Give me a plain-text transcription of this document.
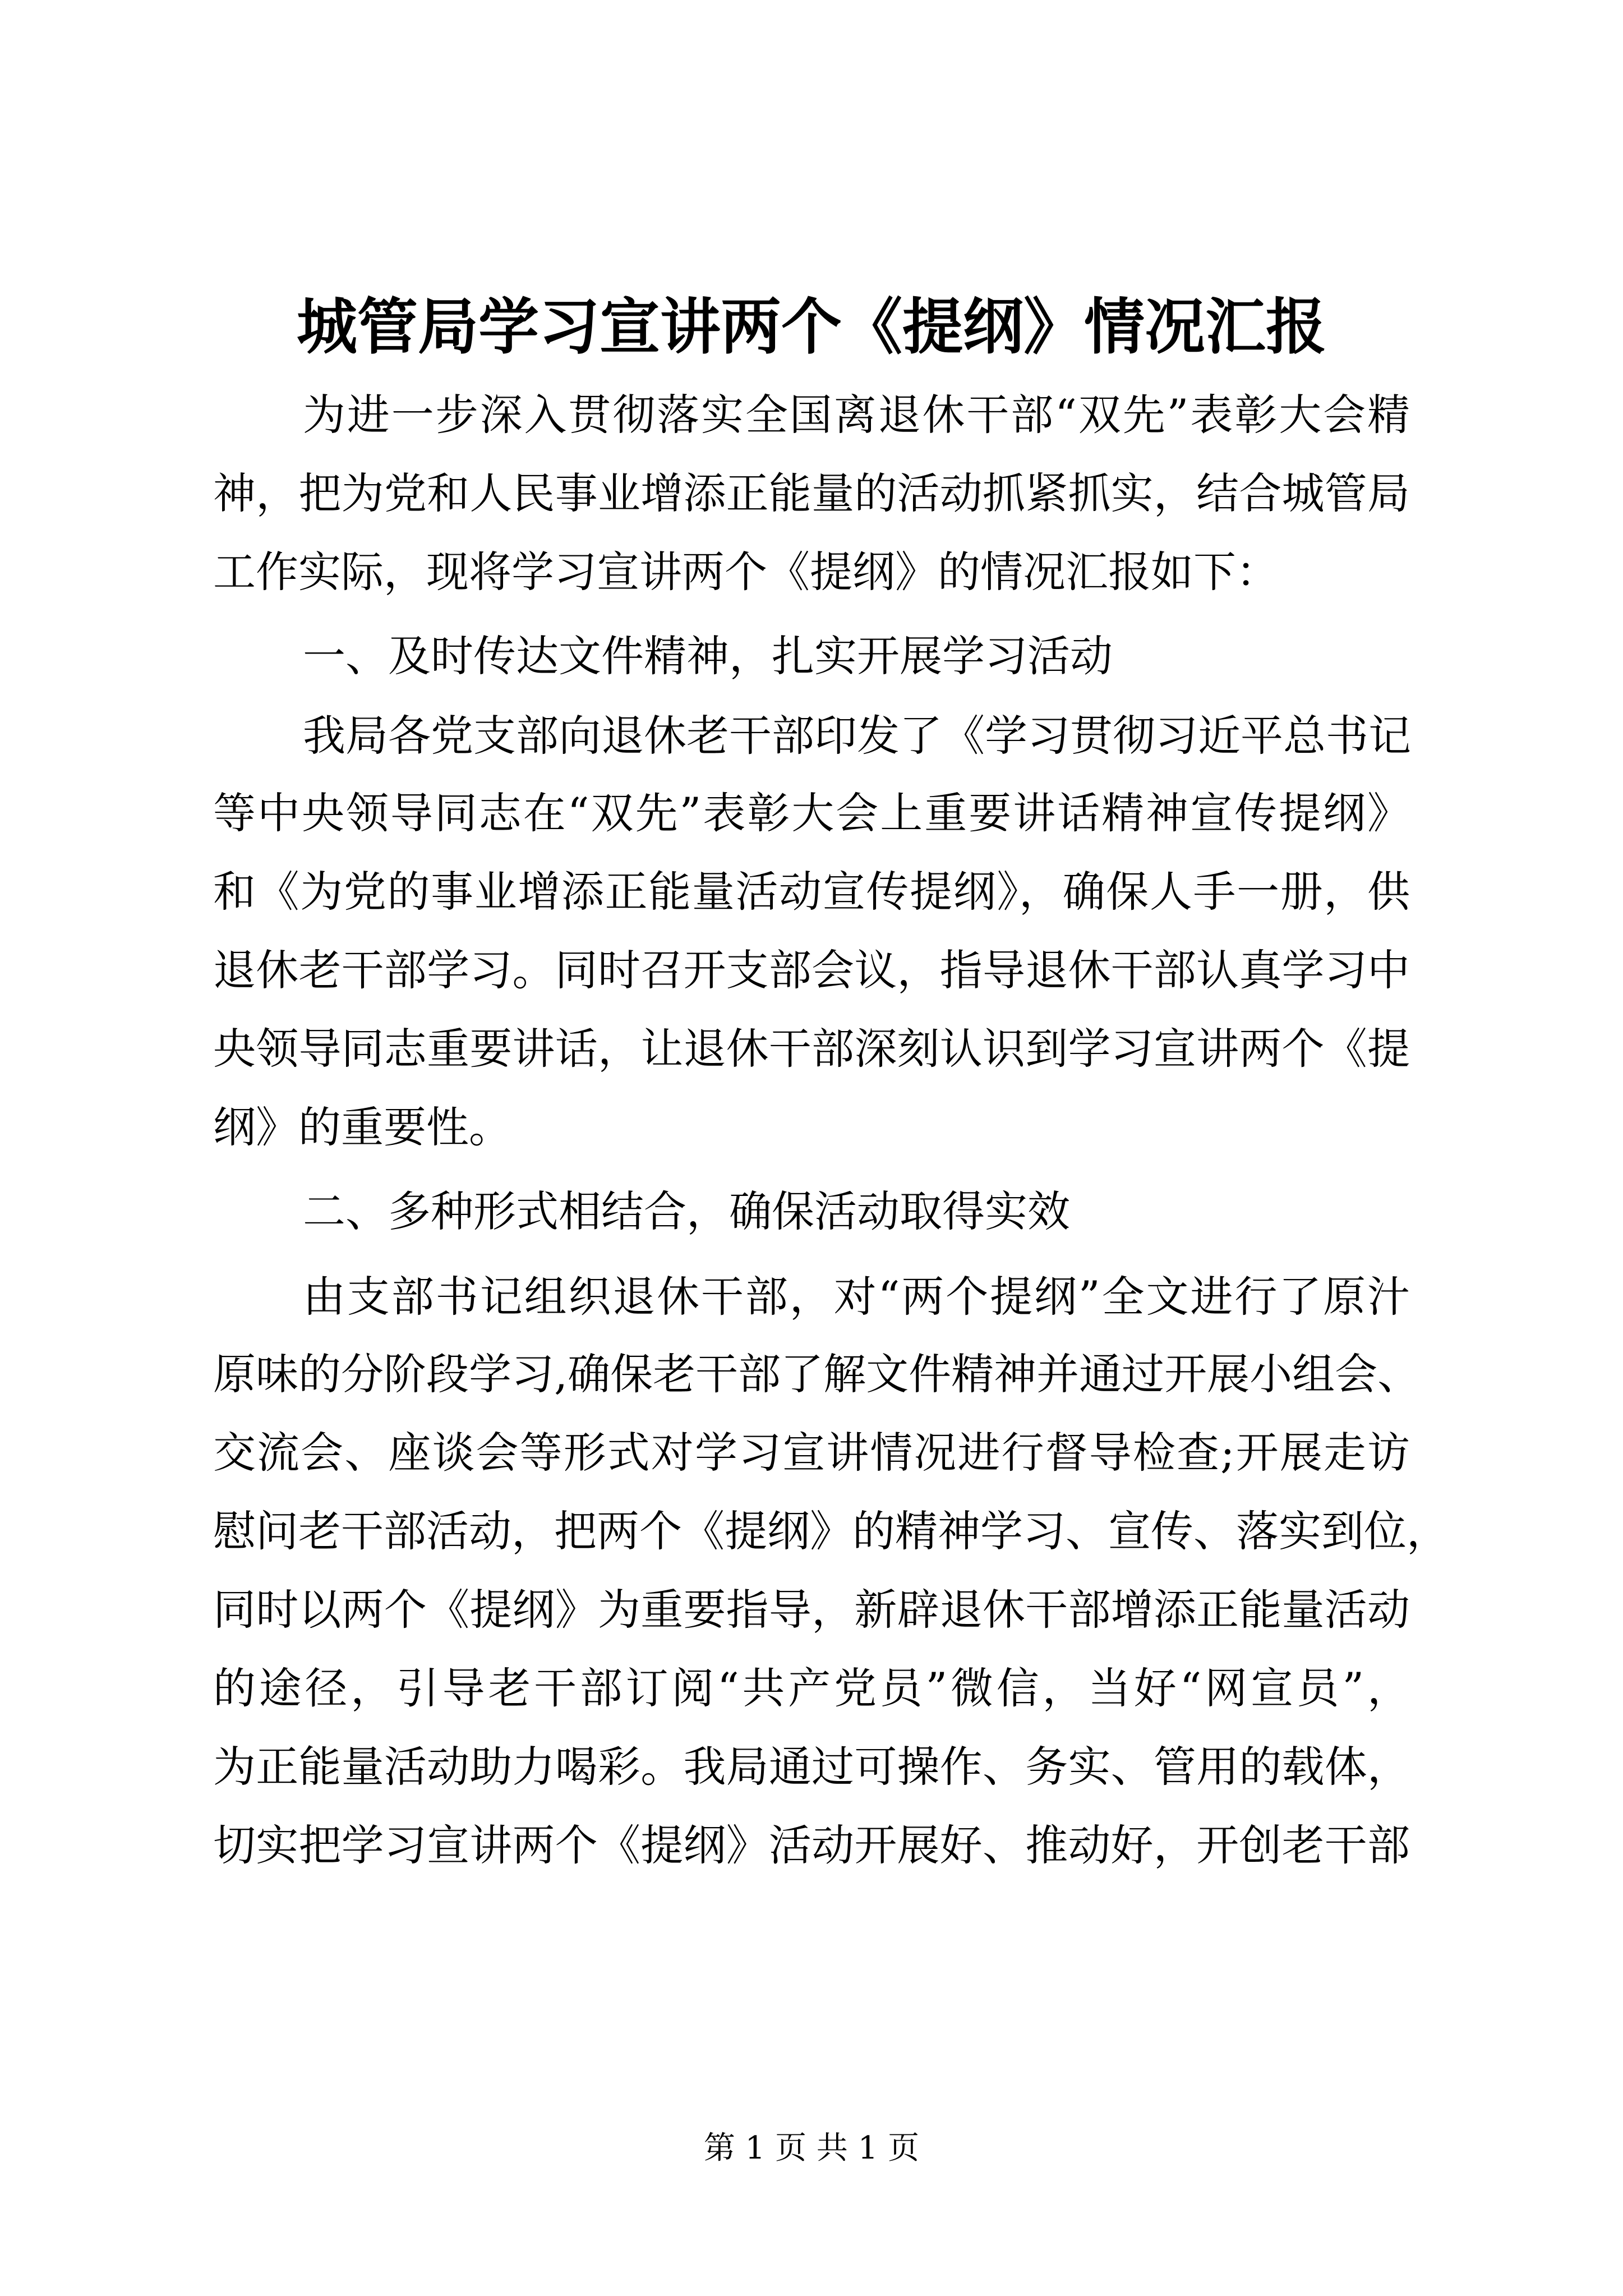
城管局学习宣讲两个《提纲》情况汇报
为进一步深入贯彻落实全国离退休干部“双先”表彰大会精
神，把为党和人民事业增添正能量的活动抓紧抓实，结合城管局
工作实际，现将学习宣讲两个《提纲》的情况汇报如下：
一、及时传达文件精神，扎实开展学习活动
我局各党支部向退休老干部印发了《学习贯彻习近平总书记
等中央领导同志在“双先”表彰大会上重要讲话精神宣传提纲》
和《为党的事业增添正能量活动宣传提纲》，确保人手一册，供
退休老干部学习。同时召开支部会议，指导退休干部认真学习中
央领导同志重要讲话，让退休干部深刻认识到学习宣讲两个《提
纲》的重要性。
二、多种形式相结合，确保活动取得实效
由支部书记组织退休干部，对“两个提纲”全文进行了原汁
原味的分阶段学习,确保老干部了解文件精神并通过开展小组会、
交流会、座谈会等形式对学习宣讲情况进行督导检查;开展走访
慰问老干部活动，把两个《提纲》的精神学习、宣传、落实到位，
同时以两个《提纲》为重要指导，新辟退休干部增添正能量活动
的途径，引导老干部订阅“共产党员”微信，当好“网宣员”，
为正能量活动助力喝彩。我局通过可操作、务实、管用的载体，
切实把学习宣讲两个《提纲》活动开展好、推动好，开创老干部
第 1 页 共 1 页
